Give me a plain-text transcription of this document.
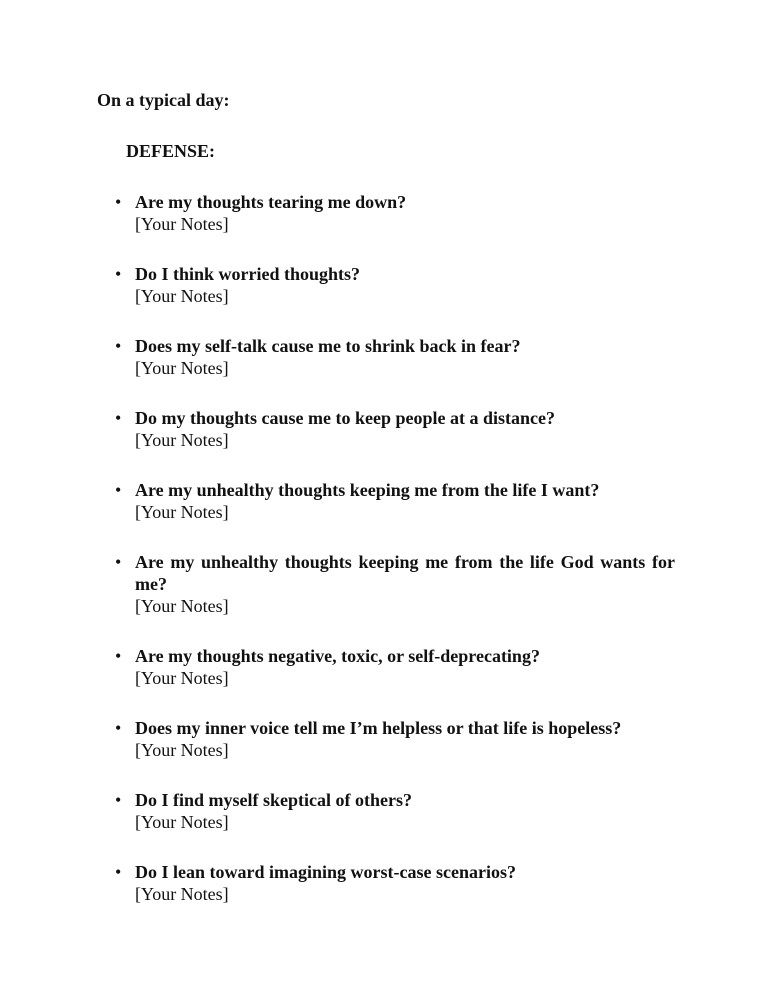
On a typical day:

DEFENSE:

• Are my thoughts tearing me down?
[Your Notes]
• Do I think worried thoughts?
[Your Notes]
• Does my self-talk cause me to shrink back in fear?
[Your Notes]
• Do my thoughts cause me to keep people at a distance?
[Your Notes]
• Are my unhealthy thoughts keeping me from the life I want?
[Your Notes]
• Are my unhealthy thoughts keeping me from the life God wants for me?
[Your Notes]
• Are my thoughts negative, toxic, or self-deprecating?
[Your Notes]
• Does my inner voice tell me I’m helpless or that life is hopeless?
[Your Notes]
• Do I find myself skeptical of others?
[Your Notes]
• Do I lean toward imagining worst-case scenarios?
[Your Notes]
